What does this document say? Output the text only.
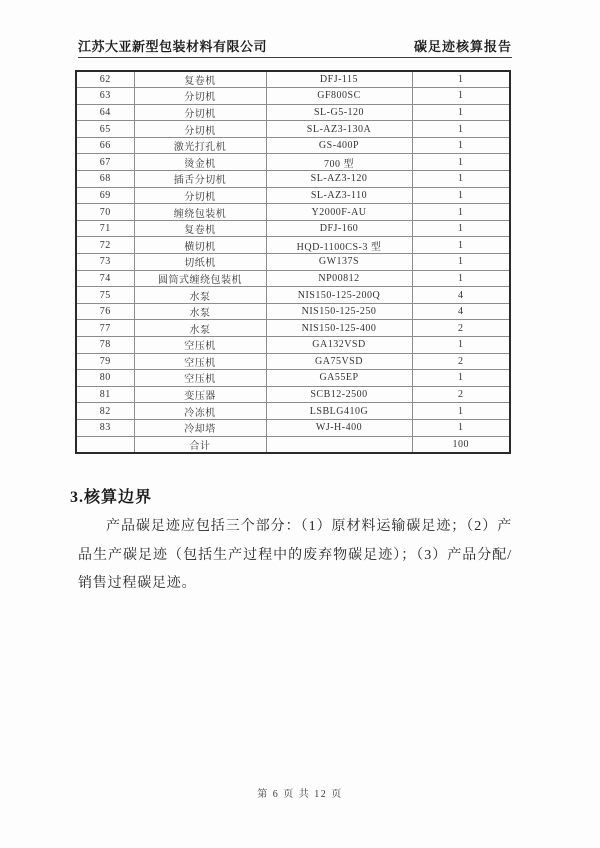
江苏大亚新型包装材料有限公司	碳足迹核算报告
62	复卷机	DFJ-115	1
63	分切机	GF800SC	1
64	分切机	SL-G5-120	1
65	分切机	SL-AZ3-130A	1
66	激光打孔机	GS-400P	1
67	烫金机	700 型	1
68	插舌分切机	SL-AZ3-120	1
69	分切机	SL-AZ3-110	1
70	缠绕包装机	Y2000F-AU	1
71	复卷机	DFJ-160	1
72	横切机	HQD-1100CS-3 型	1
73	切纸机	GW137S	1
74	圆筒式缠绕包装机	NP00812	1
75	水泵	NIS150-125-200Q	4
76	水泵	NIS150-125-250	4
77	水泵	NIS150-125-400	2
78	空压机	GA132VSD	1
79	空压机	GA75VSD	2
80	空压机	GA55EP	1
81	变压器	SCB12-2500	2
82	冷冻机	LSBLG410G	1
83	冷却塔	WJ-H-400	1
	合计		100
3.核算边界

产品碳足迹应包括三个部分：（1）原材料运输碳足迹；（2）产品生产碳足迹（包括生产过程中的废弃物碳足迹）；（3）产品分配/销售过程碳足迹。

第 6 页 共 12 页
